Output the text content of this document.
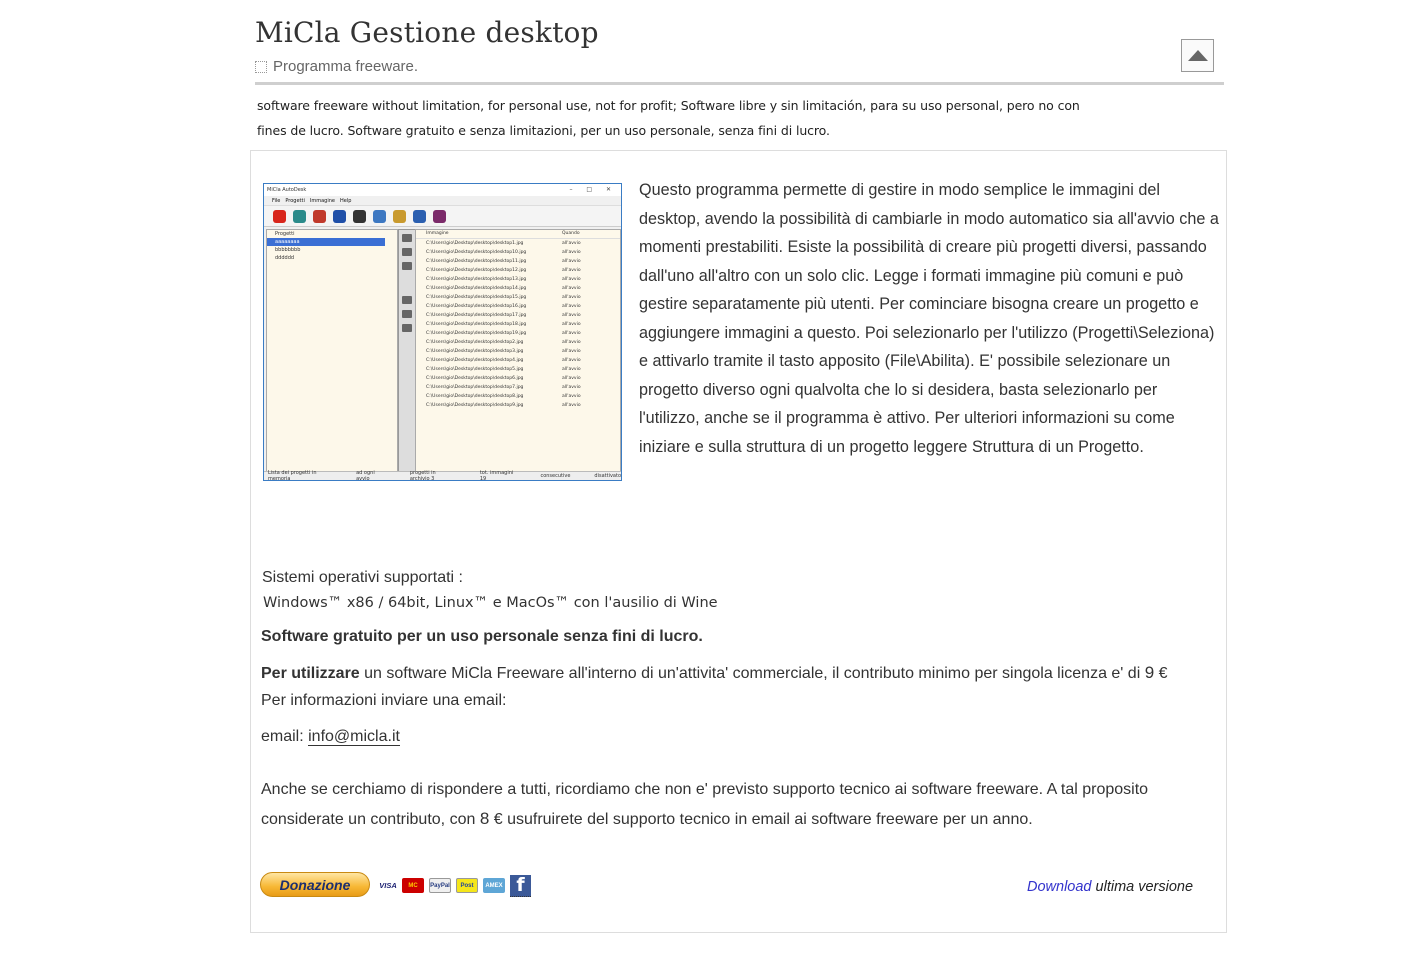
MiCla Gestione desktop
Programma freeware.
software freeware without limitation, for personal use, not for profit; Software libre y sin limitación, para su uso personal, pero no con
fines de lucro. Software gratuito e senza limitazioni, per un uso personale, senza fini di lucro.
MiCla AutoDesk	– □ ✕
File Progetti Immagine Help
Progetti
aaaaaaaa
bbbbbbbb
dddddd
Immagine	Quando
C:\Users\gio\Desktop\desktop\desktop1.jpg	all'avvio
C:\Users\gio\Desktop\desktop\desktop10.jpg	all'avvio
C:\Users\gio\Desktop\desktop\desktop11.jpg	all'avvio
C:\Users\gio\Desktop\desktop\desktop12.jpg	all'avvio
C:\Users\gio\Desktop\desktop\desktop13.jpg	all'avvio
C:\Users\gio\Desktop\desktop\desktop14.jpg	all'avvio
C:\Users\gio\Desktop\desktop\desktop15.jpg	all'avvio
C:\Users\gio\Desktop\desktop\desktop16.jpg	all'avvio
C:\Users\gio\Desktop\desktop\desktop17.jpg	all'avvio
C:\Users\gio\Desktop\desktop\desktop18.jpg	all'avvio
C:\Users\gio\Desktop\desktop\desktop19.jpg	all'avvio
C:\Users\gio\Desktop\desktop\desktop2.jpg	all'avvio
C:\Users\gio\Desktop\desktop\desktop3.jpg	all'avvio
C:\Users\gio\Desktop\desktop\desktop4.jpg	all'avvio
C:\Users\gio\Desktop\desktop\desktop5.jpg	all'avvio
C:\Users\gio\Desktop\desktop\desktop6.jpg	all'avvio
C:\Users\gio\Desktop\desktop\desktop7.jpg	all'avvio
C:\Users\gio\Desktop\desktop\desktop8.jpg	all'avvio
C:\Users\gio\Desktop\desktop\desktop9.jpg	all'avvio
Lista dei progetti in memoria
ad ogni avvio
progetti in archivio 3
tot. immagini 19	consecutive	disattivato
Questo programma permette di gestire in modo semplice le immagini del desktop, avendo la possibilità di cambiarle in modo automatico sia all'avvio che a momenti prestabiliti. Esiste la possibilità di creare più progetti diversi, passando dall'uno all'altro con un solo clic. Legge i formati immagine più comuni e può gestire separatamente più utenti. Per cominciare bisogna creare un progetto e aggiungere immagini a questo. Poi selezionarlo per l'utilizzo (Progetti\Seleziona) e attivarlo tramite il tasto apposito (File\Abilita). E' possibile selezionare un progetto diverso ogni qualvolta che lo si desidera, basta selezionarlo per l'utilizzo, anche se il programma è attivo. Per ulteriori informazioni su come iniziare e sulla struttura di un progetto leggere Struttura di un Progetto.
Sistemi operativi supportati :
Windows™ x86 / 64bit, Linux™ e MacOs™ con l'ausilio di Wine
Software gratuito per un uso personale senza fini di lucro.
Per utilizzare un software MiCla Freeware all'interno di un'attivita' commerciale, il contributo minimo per singola licenza e' di 9 €
Per informazioni inviare una email:
email: info@micla.it
Anche se cerchiamo di rispondere a tutti, ricordiamo che non e' previsto supporto tecnico ai software freeware. A tal proposito considerate un contributo, con 8 € usufruirete del supporto tecnico in email ai software freeware per un anno.
Donazione	VISA	MC	PayPal	Post	AMEX f	Download ultima versione
